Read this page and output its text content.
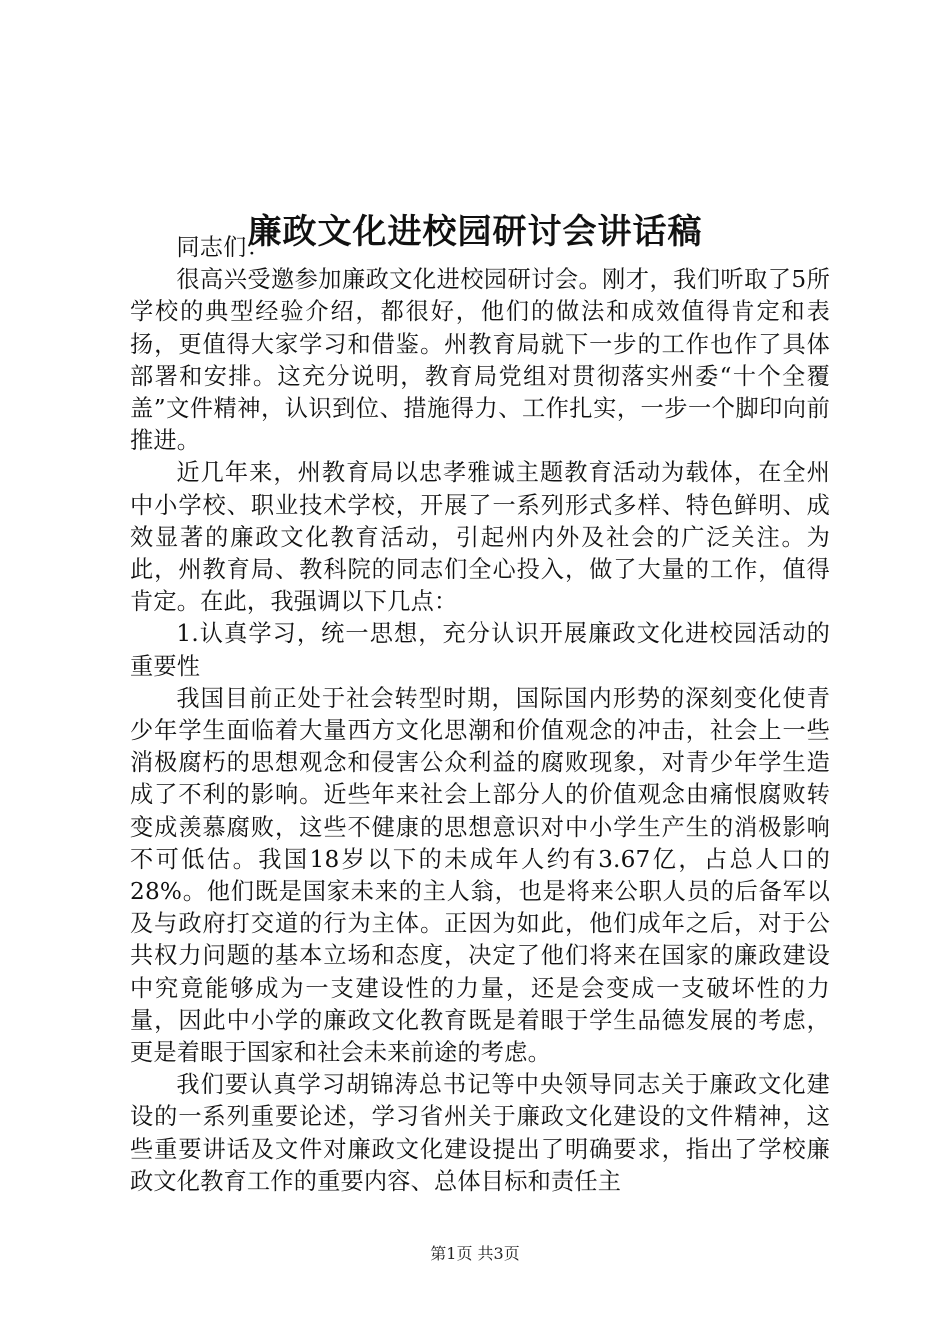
廉政文化进校园研讨会讲话稿

同志们：

很高兴受邀参加廉政文化进校园研讨会。刚才，我们听取了5所学校的典型经验介绍，都很好，他们的做法和成效值得肯定和表扬，更值得大家学习和借鉴。州教育局就下一步的工作也作了具体部署和安排。这充分说明，教育局党组对贯彻落实州委“十个全覆盖”文件精神，认识到位、措施得力、工作扎实，一步一个脚印向前推进。

近几年来，州教育局以忠孝雅诚主题教育活动为载体，在全州中小学校、职业技术学校，开展了一系列形式多样、特色鲜明、成效显著的廉政文化教育活动，引起州内外及社会的广泛关注。为此，州教育局、教科院的同志们全心投入，做了大量的工作，值得肯定。在此，我强调以下几点：

1.认真学习，统一思想，充分认识开展廉政文化进校园活动的重要性

我国目前正处于社会转型时期，国际国内形势的深刻变化使青少年学生面临着大量西方文化思潮和价值观念的冲击，社会上一些消极腐朽的思想观念和侵害公众利益的腐败现象，对青少年学生造成了不利的影响。近些年来社会上部分人的价值观念由痛恨腐败转变成羡慕腐败，这些不健康的思想意识对中小学生产生的消极影响不可低估。我国18岁以下的未成年人约有3.67亿，占总人口的28%。他们既是国家未来的主人翁，也是将来公职人员的后备军以及与政府打交道的行为主体。正因为如此，他们成年之后，对于公共权力问题的基本立场和态度，决定了他们将来在国家的廉政建设中究竟能够成为一支建设性的力量，还是会变成一支破坏性的力量，因此中小学的廉政文化教育既是着眼于学生品德发展的考虑，更是着眼于国家和社会未来前途的考虑。

我们要认真学习胡锦涛总书记等中央领导同志关于廉政文化建设的一系列重要论述，学习省州关于廉政文化建设的文件精神，这些重要讲话及文件对廉政文化建设提出了明确要求，指出了学校廉政文化教育工作的重要内容、总体目标和责任主

第1页 共3页
